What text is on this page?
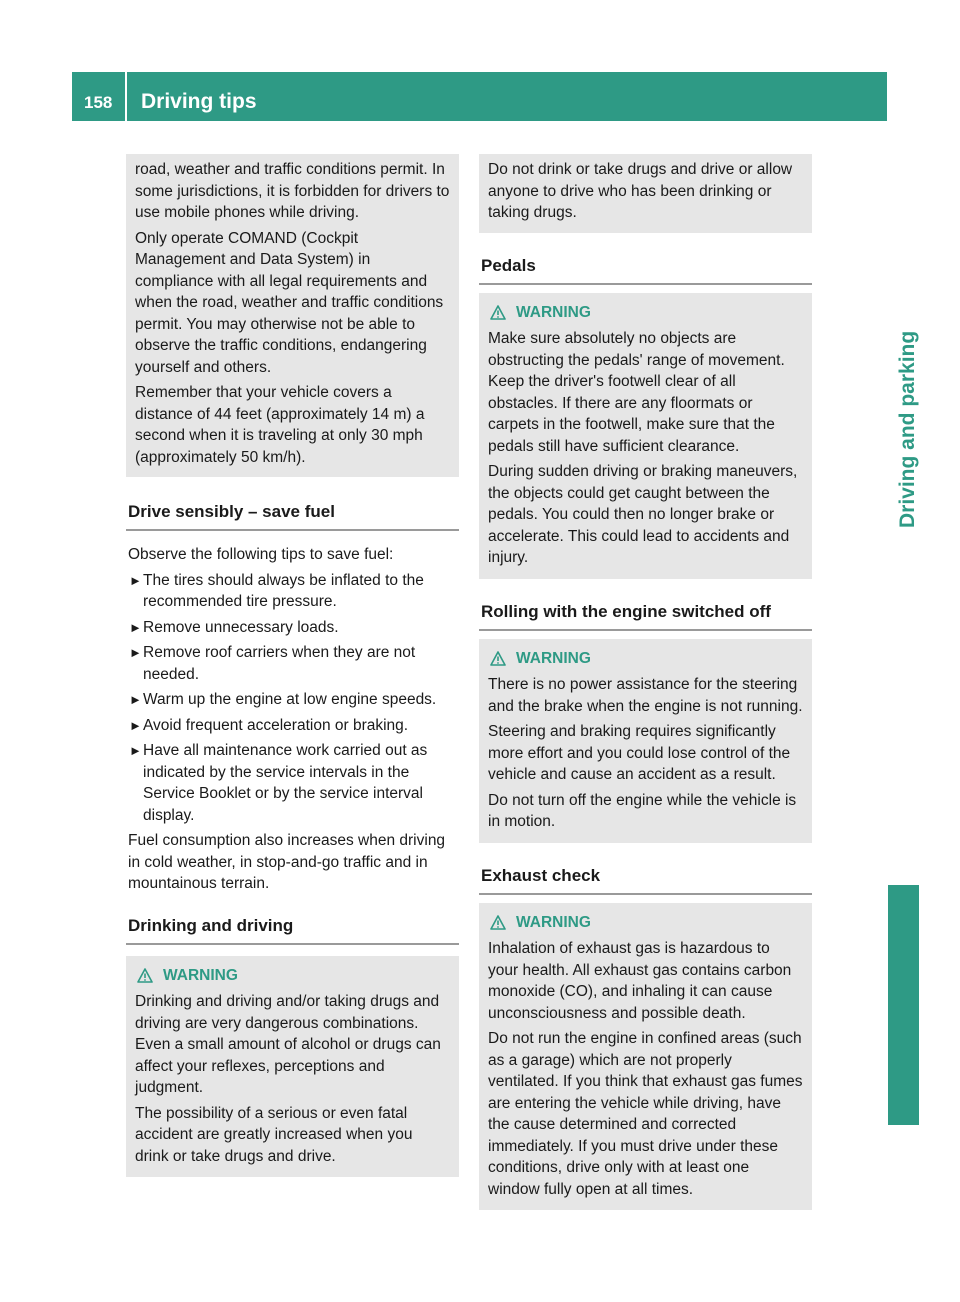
158 Driving tips
Driving and parking

road, weather and traffic conditions permit. In some jurisdictions, it is forbidden for drivers to use mobile phones while driving.

Only operate COMAND (Cockpit Management and Data System) in compliance with all legal requirements and when the road, weather and traffic conditions permit. You may otherwise not be able to observe the traffic conditions, endangering yourself and others.

Remember that your vehicle covers a distance of 44 feet (approximately 14 m) a second when it is traveling at only 30 mph (approximately 50 km/h).

Drive sensibly – save fuel

Observe the following tips to save fuel:

► The tires should always be inflated to the recommended tire pressure.
► Remove unnecessary loads.
► Remove roof carriers when they are not needed.
► Warm up the engine at low engine speeds.
► Avoid frequent acceleration or braking.
► Have all maintenance work carried out as indicated by the service intervals in the Service Booklet or by the service interval display.

Fuel consumption also increases when driving in cold weather, in stop-and-go traffic and in mountainous terrain.

Drinking and driving
WARNING

Drinking and driving and/or taking drugs and driving are very dangerous combinations. Even a small amount of alcohol or drugs can affect your reflexes, perceptions and judgment.

The possibility of a serious or even fatal accident are greatly increased when you drink or take drugs and drive.

Do not drink or take drugs and drive or allow anyone to drive who has been drinking or taking drugs.

Pedals
WARNING

Make sure absolutely no objects are obstructing the pedals' range of movement. Keep the driver's footwell clear of all obstacles. If there are any floormats or carpets in the footwell, make sure that the pedals still have sufficient clearance.

During sudden driving or braking maneuvers, the objects could get caught between the pedals. You could then no longer brake or accelerate. This could lead to accidents and injury.

Rolling with the engine switched off
WARNING

There is no power assistance for the steering and the brake when the engine is not running.

Steering and braking requires significantly more effort and you could lose control of the vehicle and cause an accident as a result.

Do not turn off the engine while the vehicle is in motion.

Exhaust check
WARNING

Inhalation of exhaust gas is hazardous to your health. All exhaust gas contains carbon monoxide (CO), and inhaling it can cause unconsciousness and possible death.

Do not run the engine in confined areas (such as a garage) which are not properly ventilated. If you think that exhaust gas fumes are entering the vehicle while driving, have the cause determined and corrected immediately. If you must drive under these conditions, drive only with at least one window fully open at all times.
